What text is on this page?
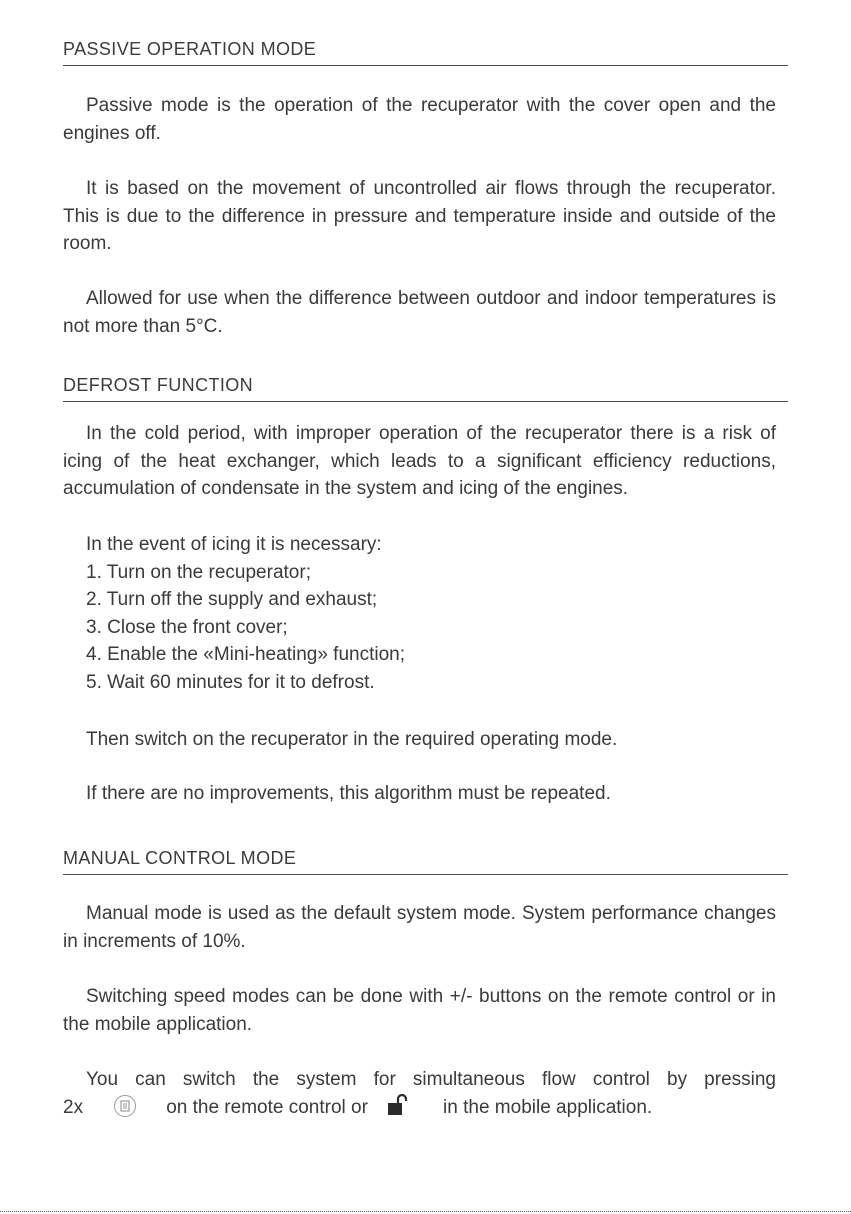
PASSIVE OPERATION MODE
Passive mode is the operation of the recuperator with the cover open and the engines off.
It is based on the movement of uncontrolled air flows through the recuperator. This is due to the difference in pressure and temperature inside and outside of the room.
Allowed for use when the difference between outdoor and indoor temperatures is not more than 5°C.
DEFROST FUNCTION
In the cold period, with improper operation of the recuperator there is a risk of icing of the heat exchanger, which leads to a significant efficiency reductions, accumulation of condensate in the system and icing of the engines.
In the event of icing it is necessary:
1. Turn on the recuperator;
2. Turn off the supply and exhaust;
3. Close the front cover;
4. Enable the «Mini-heating» function;
5. Wait 60 minutes for it to defrost.
Then switch on the recuperator in the required operating mode.
If there are no improvements, this algorithm must be repeated.
MANUAL CONTROL MODE
Manual mode is used as the default system mode. System performance changes in increments of 10%.
Switching speed modes can be done with +/- buttons on the remote control or in the mobile application.
You can switch the system for simultaneous flow control by pressing
2x	on the remote control or	in the mobile application.
